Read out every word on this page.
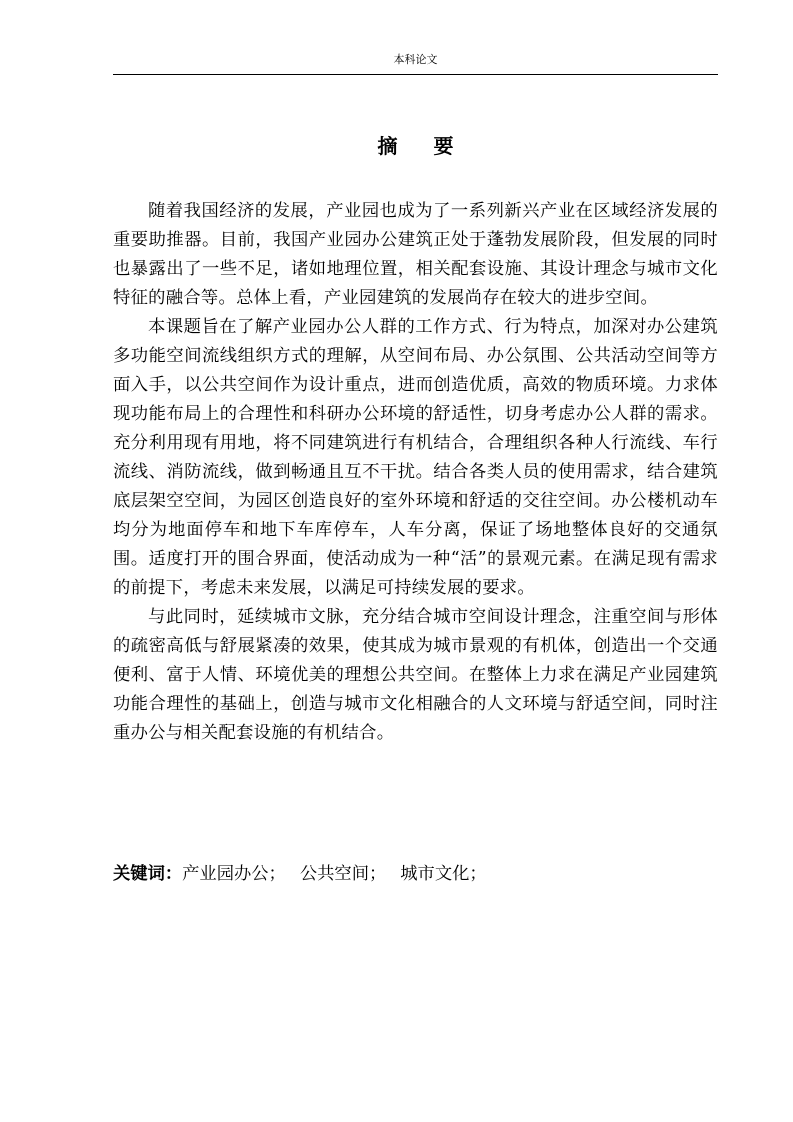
本科论文
摘要

随着我国经济的发展，产业园也成为了一系列新兴产业在区域经济发展的重要助推器。目前，我国产业园办公建筑正处于蓬勃发展阶段，但发展的同时也暴露出了一些不足，诸如地理位置，相关配套设施、其设计理念与城市文化特征的融合等。总体上看，产业园建筑的发展尚存在较大的进步空间。

本课题旨在了解产业园办公人群的工作方式、行为特点，加深对办公建筑多功能空间流线组织方式的理解，从空间布局、办公氛围、公共活动空间等方面入手，以公共空间作为设计重点，进而创造优质，高效的物质环境。力求体现功能布局上的合理性和科研办公环境的舒适性，切身考虑办公人群的需求。充分利用现有用地，将不同建筑进行有机结合，合理组织各种人行流线、车行流线、消防流线，做到畅通且互不干扰。结合各类人员的使用需求，结合建筑底层架空空间，为园区创造良好的室外环境和舒适的交往空间。办公楼机动车均分为地面停车和地下车库停车，人车分离，保证了场地整体良好的交通氛围。适度打开的围合界面，使活动成为一种“活”的景观元素。在满足现有需求的前提下，考虑未来发展，以满足可持续发展的要求。

与此同时，延续城市文脉，充分结合城市空间设计理念，注重空间与形体的疏密高低与舒展紧凑的效果，使其成为城市景观的有机体，创造出一个交通便利、富于人情、环境优美的理想公共空间。在整体上力求在满足产业园建筑功能合理性的基础上，创造与城市文化相融合的人文环境与舒适空间，同时注重办公与相关配套设施的有机结合。

关键词：产业园办公； 公共空间； 城市文化；
